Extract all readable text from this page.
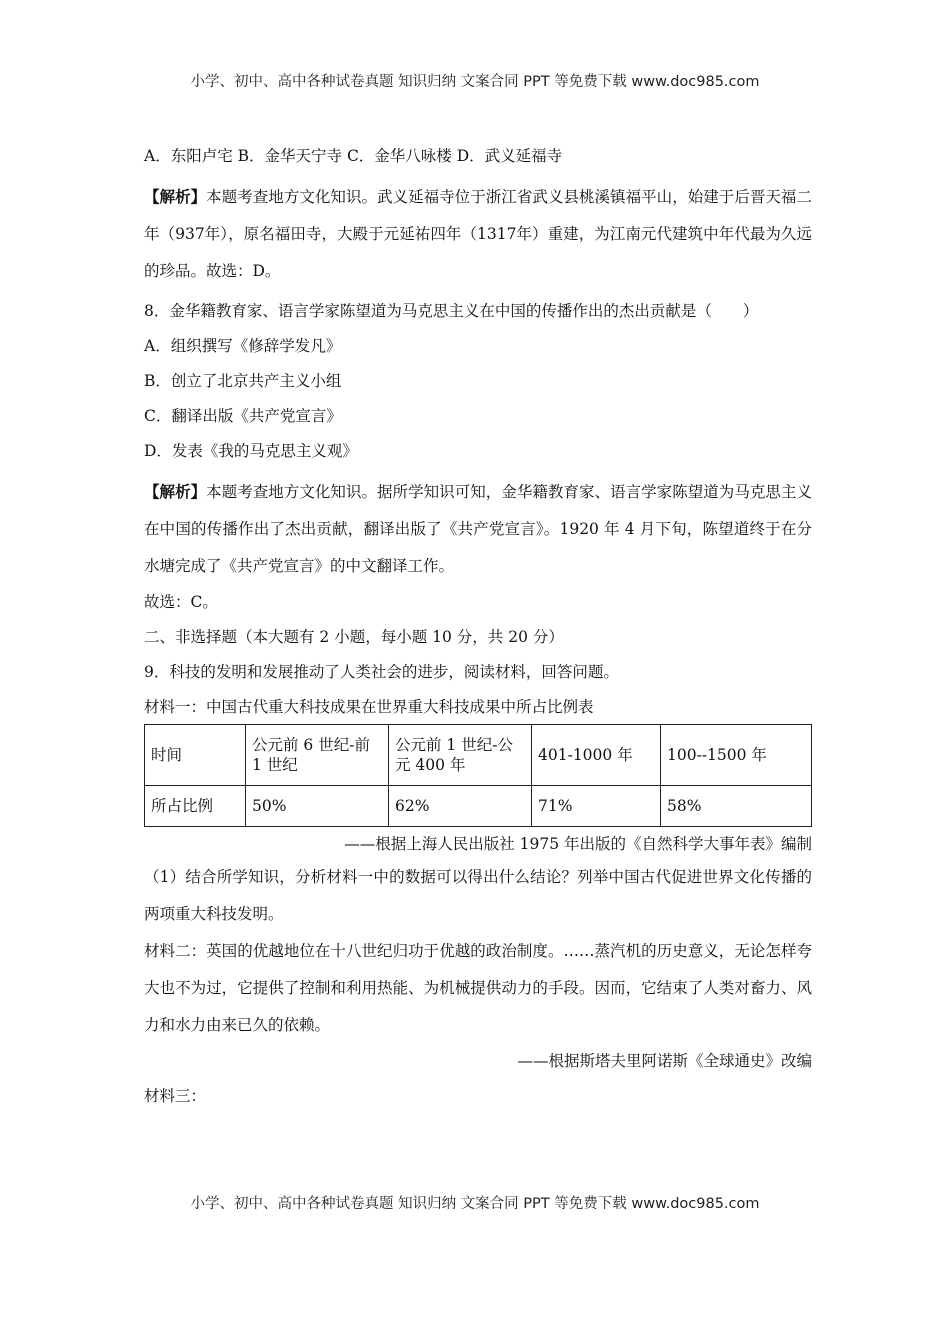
小学、初中、高中各种试卷真题 知识归纳 文案合同 PPT 等免费下载 www.doc985.com

A．东阳卢宅 B．金华天宁寺 C．金华八咏楼 D．武义延福寺

【解析】本题考查地方文化知识。武义延福寺位于浙江省武义县桃溪镇福平山，始建于后晋天福二年（937年），原名福田寺，大殿于元延祐四年（1317年）重建，为江南元代建筑中年代最为久远的珍品。故选：D。

8．金华籍教育家、语言学家陈望道为马克思主义在中国的传播作出的杰出贡献是（　　）

A．组织撰写《修辞学发凡》

B．创立了北京共产主义小组

C．翻译出版《共产党宣言》

D．发表《我的马克思主义观》

【解析】本题考查地方文化知识。据所学知识可知，金华籍教育家、语言学家陈望道为马克思主义在中国的传播作出了杰出贡献，翻译出版了《共产党宣言》。1920 年 4 月下旬，陈望道终于在分水塘完成了《共产党宣言》的中文翻译工作。

故选：C。

二、非选择题（本大题有 2 小题，每小题 10 分，共 20 分）

9．科技的发明和发展推动了人类社会的进步，阅读材料，回答问题。

材料一：中国古代重大科技成果在世界重大科技成果中所占比例表

时间	公元前 6 世纪-前 1 世纪	公元前 1 世纪-公元 400 年	401-1000 年	100--1500 年
所占比例	50%	62%	71%	58%

——根据上海人民出版社 1975 年出版的《自然科学大事年表》编制

（1）结合所学知识，分析材料一中的数据可以得出什么结论？列举中国古代促进世界文化传播的两项重大科技发明。

材料二：英国的优越地位在十八世纪归功于优越的政治制度。……蒸汽机的历史意义，无论怎样夸大也不为过，它提供了控制和利用热能、为机械提供动力的手段。因而，它结束了人类对畜力、风力和水力由来已久的依赖。

——根据斯塔夫里阿诺斯《全球通史》改编

材料三：

小学、初中、高中各种试卷真题 知识归纳 文案合同 PPT 等免费下载 www.doc985.com
